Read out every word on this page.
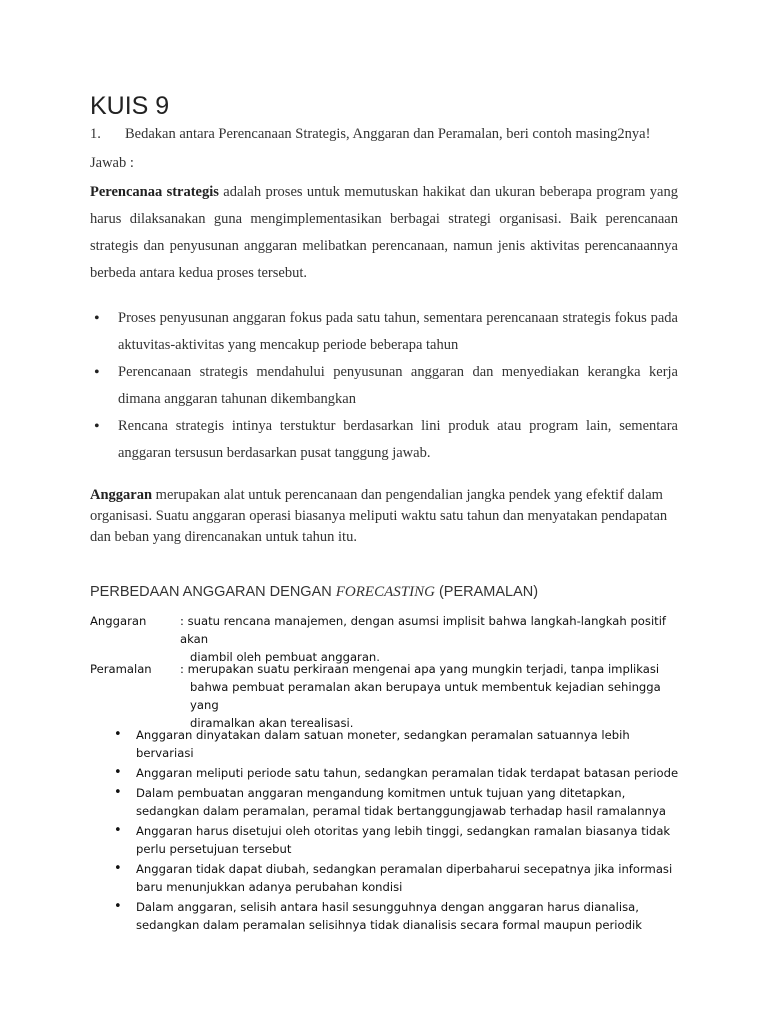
KUIS 9
1. Bedakan antara Perencanaan Strategis, Anggaran dan Peramalan, beri contoh masing2nya!
Jawab :
Perencanaa strategis adalah proses untuk memutuskan hakikat dan ukuran beberapa program yang harus dilaksanakan guna mengimplementasikan berbagai strategi organisasi. Baik perencanaan strategis dan penyusunan anggaran melibatkan perencanaan, namun jenis aktivitas perencanaannya berbeda antara kedua proses tersebut.
• Proses penyusunan anggaran fokus pada satu tahun, sementara perencanaan strategis fokus pada aktuvitas-aktivitas yang mencakup periode beberapa tahun
• Perencanaan strategis mendahului penyusunan anggaran dan menyediakan kerangka kerja dimana anggaran tahunan dikembangkan
• Rencana strategis intinya terstuktur berdasarkan lini produk atau program lain, sementara anggaran tersusun berdasarkan pusat tanggung jawab.
Anggaran merupakan alat untuk perencanaan dan pengendalian jangka pendek yang efektif dalam organisasi. Suatu anggaran operasi biasanya meliputi waktu satu tahun dan menyatakan pendapatan dan beban yang direncanakan untuk tahun itu.
PERBEDAAN ANGGARAN DENGAN FORECASTING (PERAMALAN)
Anggaran	: suatu rencana manajemen, dengan asumsi implisit bahwa langkah-langkah positif akan
diambil oleh pembuat anggaran.
Peramalan	: merupakan suatu perkiraan mengenai apa yang mungkin terjadi, tanpa implikasi
bahwa pembuat peramalan akan berupaya untuk membentuk kejadian sehingga yang
diramalkan akan terealisasi.
• Anggaran dinyatakan dalam satuan moneter, sedangkan peramalan satuannya lebih bervariasi
• Anggaran meliputi periode satu tahun, sedangkan peramalan tidak terdapat batasan periode
• Dalam pembuatan anggaran mengandung komitmen untuk tujuan yang ditetapkan, sedangkan dalam peramalan, peramal tidak bertanggungjawab terhadap hasil ramalannya
• Anggaran harus disetujui oleh otoritas yang lebih tinggi, sedangkan ramalan biasanya tidak perlu persetujuan tersebut
• Anggaran tidak dapat diubah, sedangkan peramalan diperbaharui secepatnya jika informasi baru menunjukkan adanya perubahan kondisi
• Dalam anggaran, selisih antara hasil sesungguhnya dengan anggaran harus dianalisa, sedangkan dalam peramalan selisihnya tidak dianalisis secara formal maupun periodik
